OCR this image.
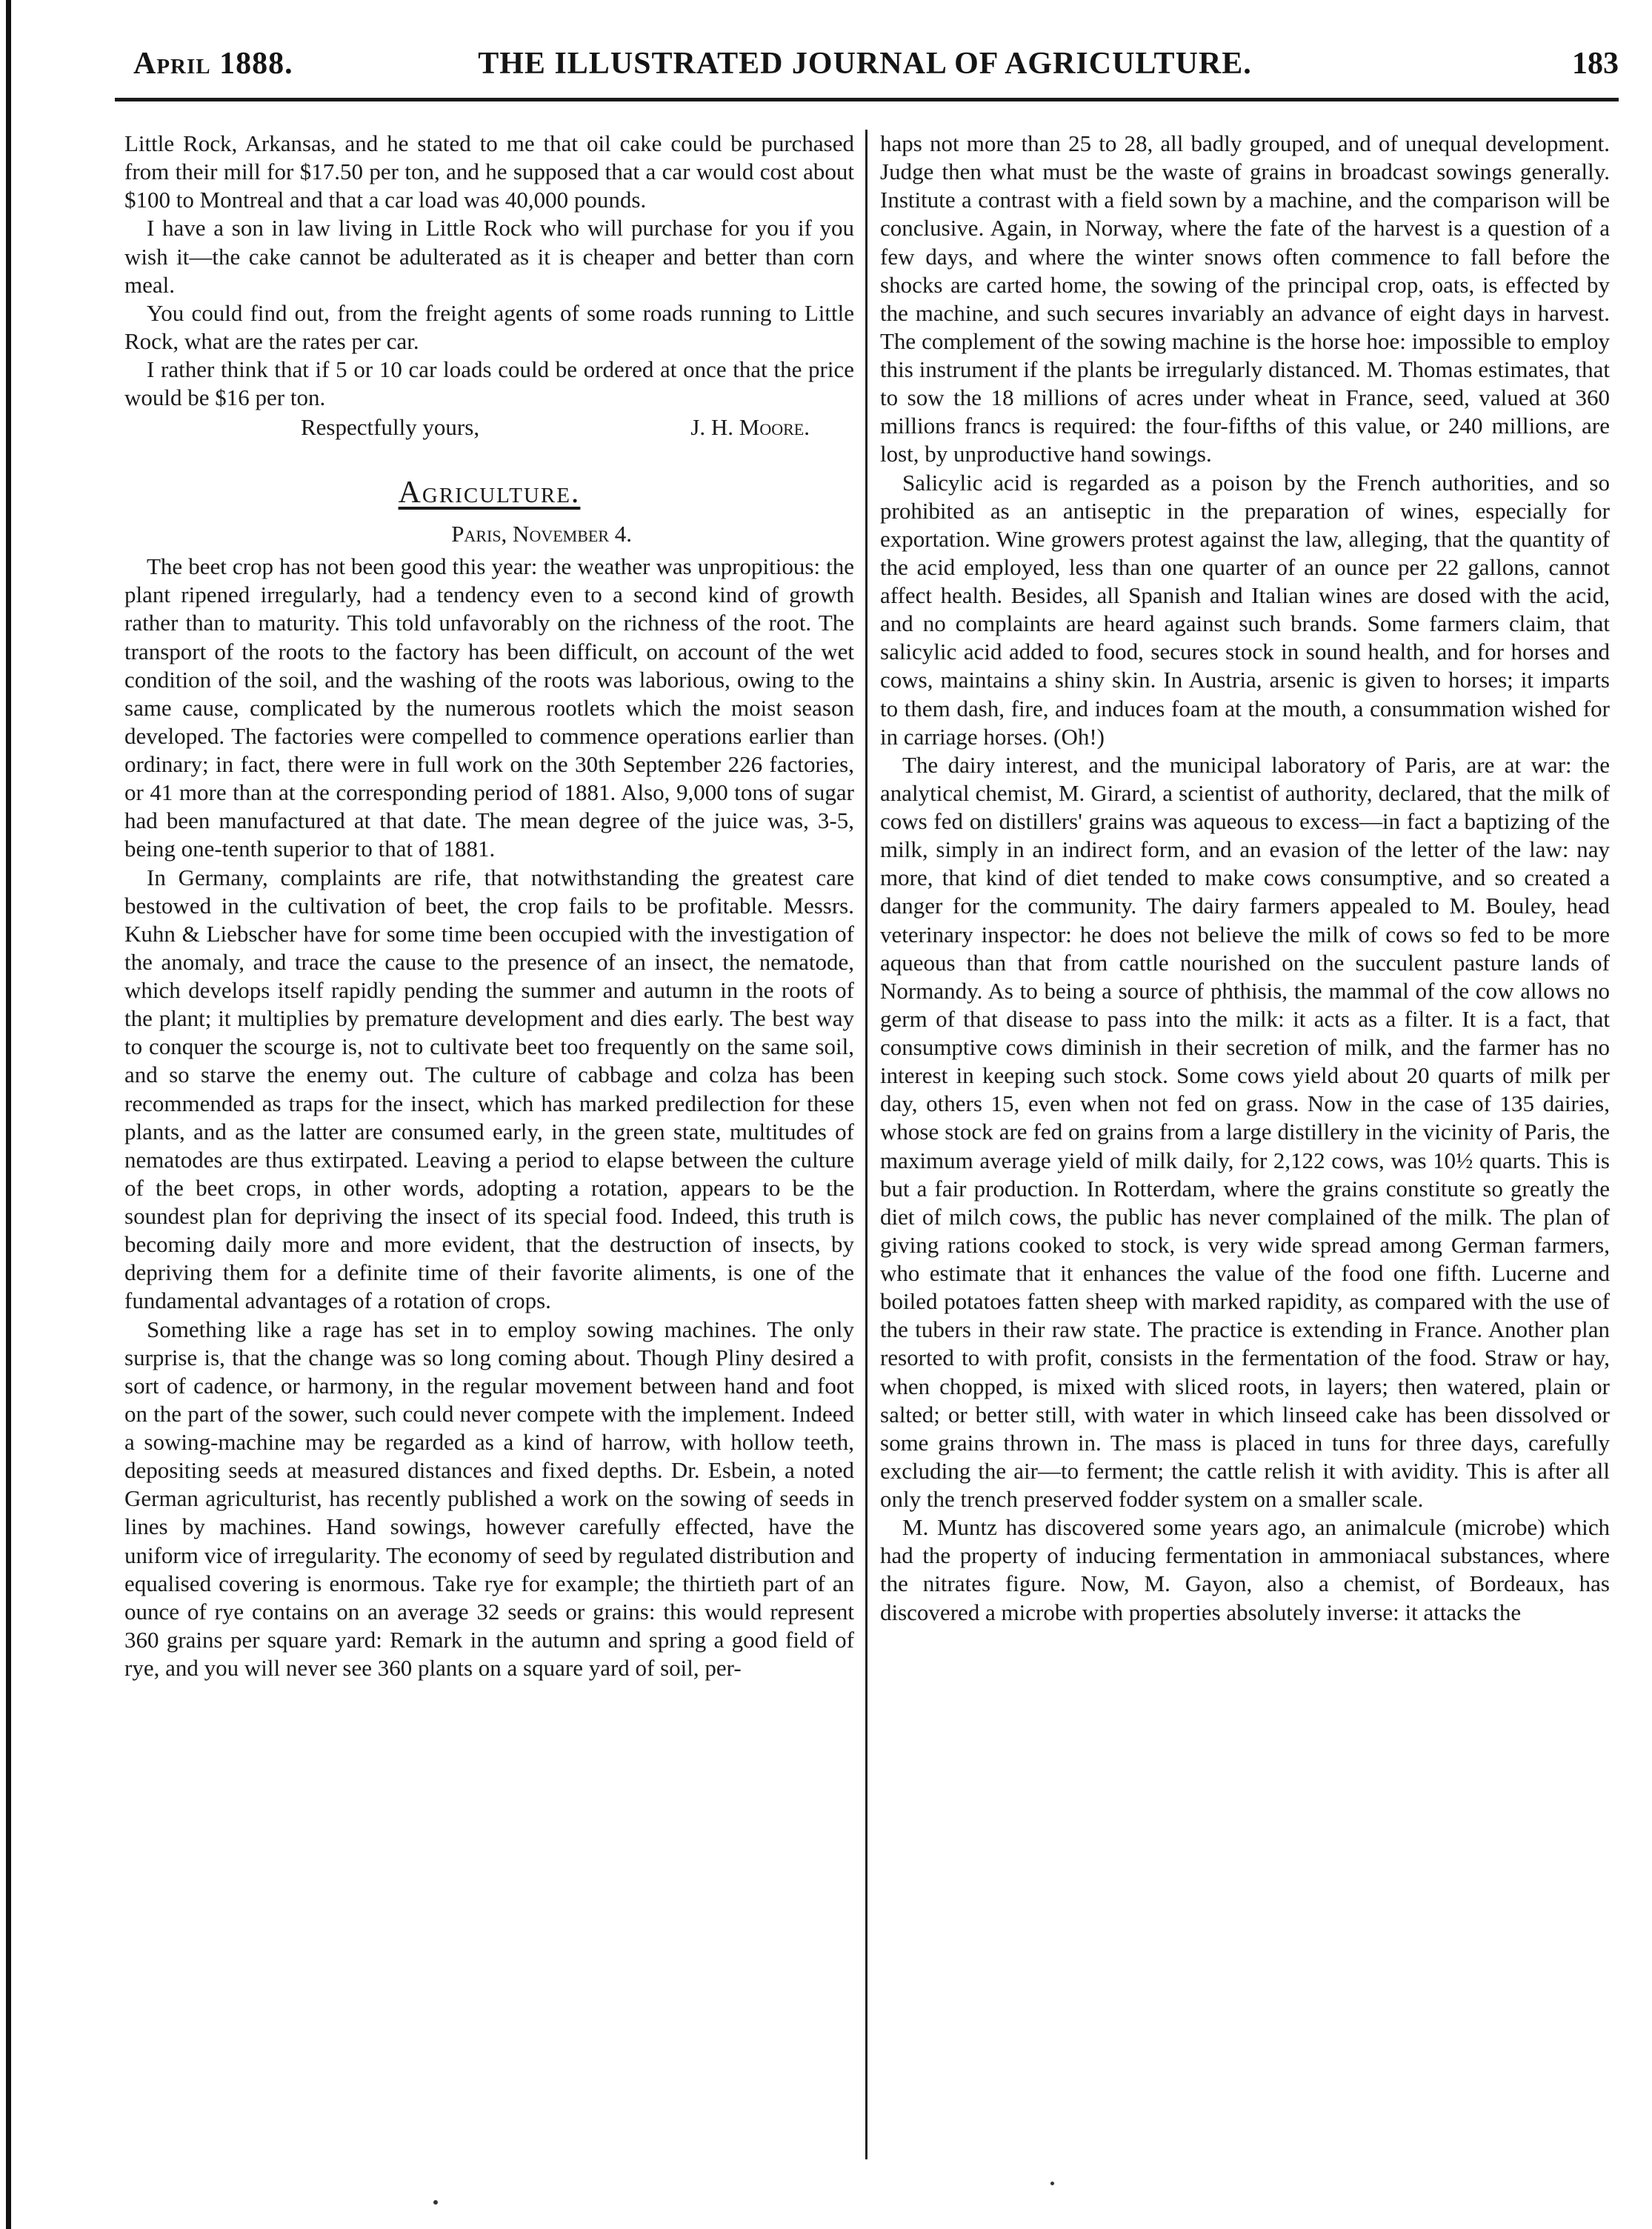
April 1888.	THE ILLUSTRATED JOURNAL OF AGRICULTURE.	183

Little Rock, Arkansas, and he stated to me that oil cake could be purchased from their mill for $17.50 per ton, and he supposed that a car would cost about $100 to Montreal and that a car load was 40,000 pounds.

I have a son in law living in Little Rock who will purchase for you if you wish it—the cake cannot be adulterated as it is cheaper and better than corn meal.

You could find out, from the freight agents of some roads running to Little Rock, what are the rates per car.

I rather think that if 5 or 10 car loads could be ordered at once that the price would be $16 per ton.

Respectfully yours,	J. H. Moore.
Agriculture.
Paris, November 4.

The beet crop has not been good this year: the weather was unpropitious: the plant ripened irregularly, had a tendency even to a second kind of growth rather than to maturity. This told unfavorably on the richness of the root. The transport of the roots to the factory has been difficult, on account of the wet condition of the soil, and the washing of the roots was laborious, owing to the same cause, complicated by the numerous rootlets which the moist season developed. The factories were compelled to commence operations earlier than ordinary; in fact, there were in full work on the 30th September 226 factories, or 41 more than at the corresponding period of 1881. Also, 9,000 tons of sugar had been manufactured at that date. The mean degree of the juice was, 3-5, being one-tenth superior to that of 1881.

In Germany, complaints are rife, that notwithstanding the greatest care bestowed in the cultivation of beet, the crop fails to be profitable. Messrs. Kuhn & Liebscher have for some time been occupied with the investigation of the anomaly, and trace the cause to the presence of an insect, the nematode, which develops itself rapidly pending the summer and autumn in the roots of the plant; it multiplies by premature development and dies early. The best way to conquer the scourge is, not to cultivate beet too frequently on the same soil, and so starve the enemy out. The culture of cabbage and colza has been recommended as traps for the insect, which has marked predilection for these plants, and as the latter are consumed early, in the green state, multitudes of nematodes are thus extirpated. Leaving a period to elapse between the culture of the beet crops, in other words, adopting a rotation, appears to be the soundest plan for depriving the insect of its special food. Indeed, this truth is becoming daily more and more evident, that the destruction of insects, by depriving them for a definite time of their favorite aliments, is one of the fundamental advantages of a rotation of crops.

Something like a rage has set in to employ sowing machines. The only surprise is, that the change was so long coming about. Though Pliny desired a sort of cadence, or harmony, in the regular movement between hand and foot on the part of the sower, such could never compete with the implement. Indeed a sowing-machine may be regarded as a kind of harrow, with hollow teeth, depositing seeds at measured distances and fixed depths. Dr. Esbein, a noted German agriculturist, has recently published a work on the sowing of seeds in lines by machines. Hand sowings, however carefully effected, have the uniform vice of irregularity. The economy of seed by regulated distribution and equalised covering is enormous. Take rye for example; the thirtieth part of an ounce of rye contains on an average 32 seeds or grains: this would represent 360 grains per square yard: Remark in the autumn and spring a good field of rye, and you will never see 360 plants on a square yard of soil, per-

haps not more than 25 to 28, all badly grouped, and of unequal development. Judge then what must be the waste of grains in broadcast sowings generally. Institute a contrast with a field sown by a machine, and the comparison will be conclusive. Again, in Norway, where the fate of the harvest is a question of a few days, and where the winter snows often commence to fall before the shocks are carted home, the sowing of the principal crop, oats, is effected by the machine, and such secures invariably an advance of eight days in harvest. The complement of the sowing machine is the horse hoe: impossible to employ this instrument if the plants be irregularly distanced. M. Thomas estimates, that to sow the 18 millions of acres under wheat in France, seed, valued at 360 millions francs is required: the four-fifths of this value, or 240 millions, are lost, by unproductive hand sowings.

Salicylic acid is regarded as a poison by the French authorities, and so prohibited as an antiseptic in the preparation of wines, especially for exportation. Wine growers protest against the law, alleging, that the quantity of the acid employed, less than one quarter of an ounce per 22 gallons, cannot affect health. Besides, all Spanish and Italian wines are dosed with the acid, and no complaints are heard against such brands. Some farmers claim, that salicylic acid added to food, secures stock in sound health, and for horses and cows, maintains a shiny skin. In Austria, arsenic is given to horses; it imparts to them dash, fire, and induces foam at the mouth, a consummation wished for in carriage horses. (Oh!)

The dairy interest, and the municipal laboratory of Paris, are at war: the analytical chemist, M. Girard, a scientist of authority, declared, that the milk of cows fed on distillers' grains was aqueous to excess—in fact a baptizing of the milk, simply in an indirect form, and an evasion of the letter of the law: nay more, that kind of diet tended to make cows consumptive, and so created a danger for the community. The dairy farmers appealed to M. Bouley, head veterinary inspector: he does not believe the milk of cows so fed to be more aqueous than that from cattle nourished on the succulent pasture lands of Normandy. As to being a source of phthisis, the mammal of the cow allows no germ of that disease to pass into the milk: it acts as a filter. It is a fact, that consumptive cows diminish in their secretion of milk, and the farmer has no interest in keeping such stock. Some cows yield about 20 quarts of milk per day, others 15, even when not fed on grass. Now in the case of 135 dairies, whose stock are fed on grains from a large distillery in the vicinity of Paris, the maximum average yield of milk daily, for 2,122 cows, was 10½ quarts. This is but a fair production. In Rotterdam, where the grains constitute so greatly the diet of milch cows, the public has never complained of the milk. The plan of giving rations cooked to stock, is very wide spread among German farmers, who estimate that it enhances the value of the food one fifth. Lucerne and boiled potatoes fatten sheep with marked rapidity, as compared with the use of the tubers in their raw state. The practice is extending in France. Another plan resorted to with profit, consists in the fermentation of the food. Straw or hay, when chopped, is mixed with sliced roots, in layers; then watered, plain or salted; or better still, with water in which linseed cake has been dissolved or some grains thrown in. The mass is placed in tuns for three days, carefully excluding the air—to ferment; the cattle relish it with avidity. This is after all only the trench preserved fodder system on a smaller scale.

M. Muntz has discovered some years ago, an animalcule (microbe) which had the property of inducing fermentation in ammoniacal substances, where the nitrates figure. Now, M. Gayon, also a chemist, of Bordeaux, has discovered a microbe with properties absolutely inverse: it attacks the
